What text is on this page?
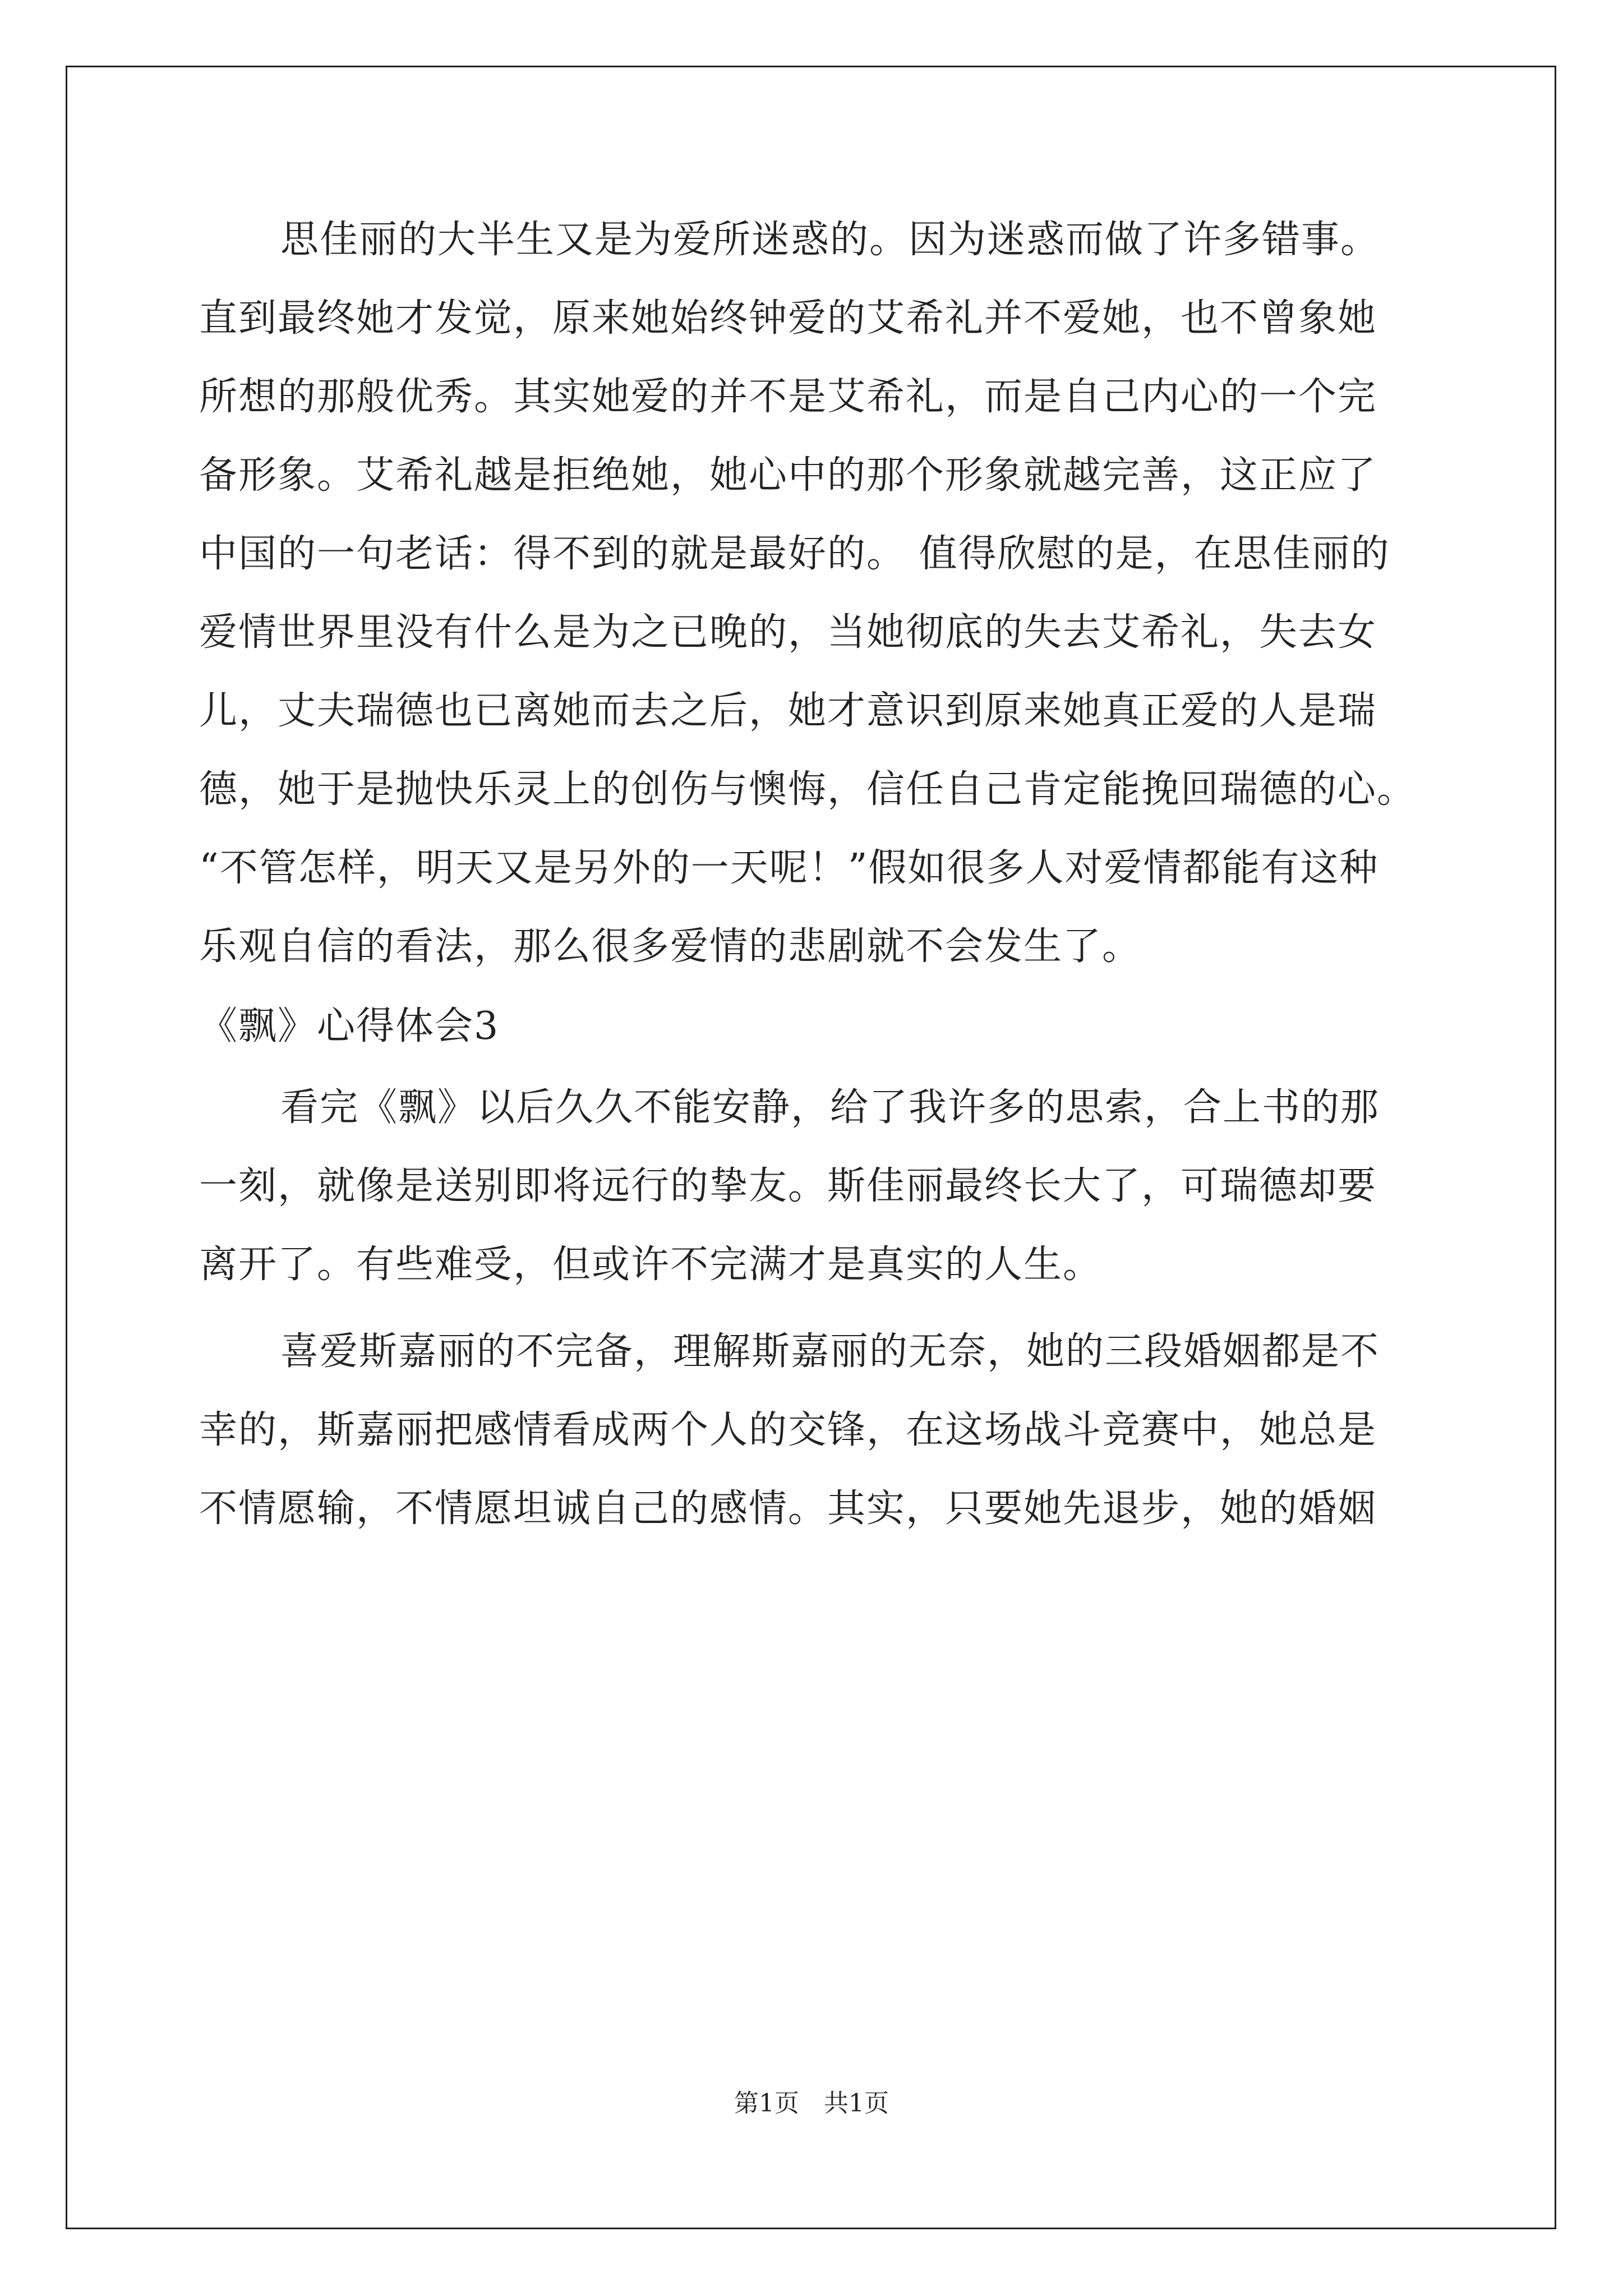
思佳丽的大半生又是为爱所迷惑的。因为迷惑而做了许多错事。
直到最终她才发觉，原来她始终钟爱的艾希礼并不爱她，也不曾象她
所想的那般优秀。其实她爱的并不是艾希礼，而是自己内心的一个完
备形象。艾希礼越是拒绝她，她心中的那个形象就越完善，这正应了
中国的一句老话：得不到的就是最好的。 值得欣慰的是，在思佳丽的
爱情世界里没有什么是为之已晚的，当她彻底的失去艾希礼，失去女
儿，丈夫瑞德也已离她而去之后，她才意识到原来她真正爱的人是瑞
德，她于是抛快乐灵上的创伤与懊悔，信任自己肯定能挽回瑞德的心。
“不管怎样，明天又是另外的一天呢！”假如很多人对爱情都能有这种
乐观自信的看法，那么很多爱情的悲剧就不会发生了。
《飘》心得体会3
看完《飘》以后久久不能安静，给了我许多的思索，合上书的那
一刻，就像是送别即将远行的挚友。斯佳丽最终长大了，可瑞德却要
离开了。有些难受，但或许不完满才是真实的人生。
喜爱斯嘉丽的不完备，理解斯嘉丽的无奈，她的三段婚姻都是不
幸的，斯嘉丽把感情看成两个人的交锋，在这场战斗竞赛中，她总是
不情愿输，不情愿坦诚自己的感情。其实，只要她先退步，她的婚姻
第1页　共1页
